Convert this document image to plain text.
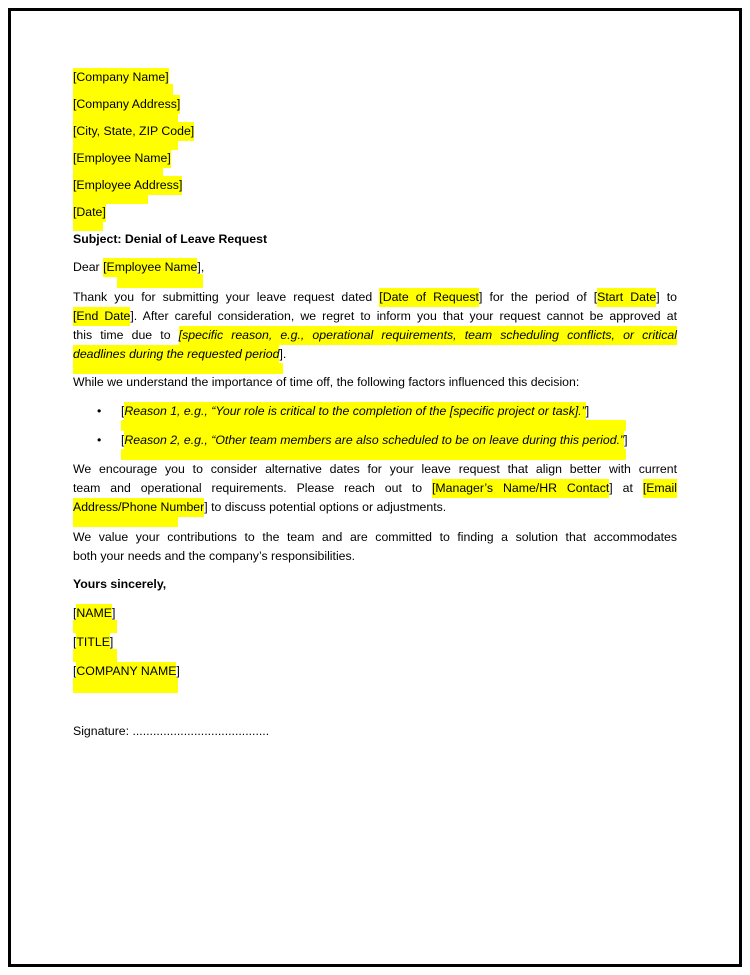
[Company Name]
[Company Address]
[City, State, ZIP Code]
[Employee Name]
[Employee Address]
[Date]
Subject: Denial of Leave Request
Dear [Employee Name],
Thank you for submitting your leave request dated [Date of Request] for the period of [Start Date] to
[End Date]. After careful consideration, we regret to inform you that your request cannot be approved at
this time due to [specific reason, e.g., operational requirements, team scheduling conflicts, or critical
deadlines during the requested period].
While we understand the importance of time off, the following factors influenced this decision:
• [Reason 1, e.g., “Your role is critical to the completion of the [specific project or task].”]
• [Reason 2, e.g., “Other team members are also scheduled to be on leave during this period.”]
We encourage you to consider alternative dates for your leave request that align better with current
team and operational requirements. Please reach out to [Manager’s Name/HR Contact] at [Email
Address/Phone Number] to discuss potential options or adjustments.
We value your contributions to the team and are committed to finding a solution that accommodates
both your needs and the company’s responsibilities.
Yours sincerely,
[NAME]
[TITLE]
[COMPANY NAME]
Signature: ........................................
